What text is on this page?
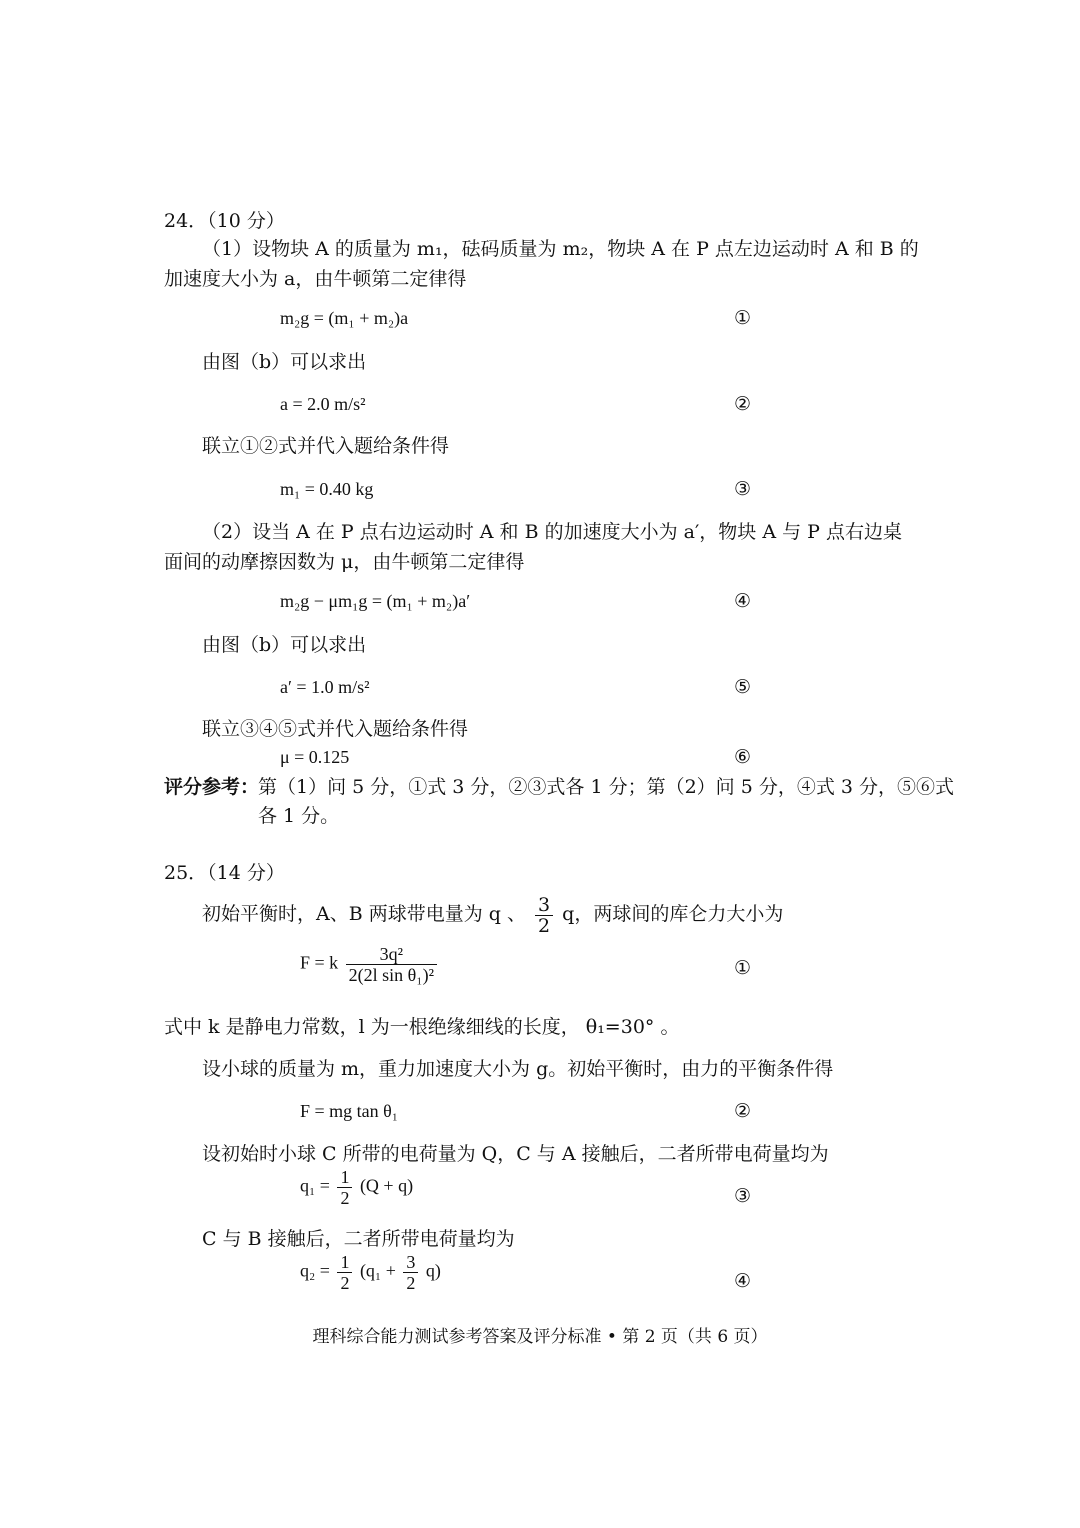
24．（10 分）
（1）设物块 A 的质量为 m₁，砝码质量为 m₂，物块 A 在 P 点左边运动时 A 和 B 的加速度大小为 a，由牛顿第二定律得
m₂g = (m₁ + m₂)a	①
由图（b）可以求出
a = 2.0 m/s²	②
联立①②式并代入题给条件得
m₁ = 0.40 kg	③
（2）设当 A 在 P 点右边运动时 A 和 B 的加速度大小为 a′，物块 A 与 P 点右边桌面间的动摩擦因数为 μ，由牛顿第二定律得
m₂g − μm₁g = (m₁ + m₂)a′	④
由图（b）可以求出
a′ = 1.0 m/s²	⑤
联立③④⑤式并代入题给条件得
μ = 0.125	⑥
评分参考：
第（1）问 5 分，①式 3 分，②③式各 1 分；第（2）问 5 分，④式 3 分，⑤⑥式
各 1 分。
25．（14 分）
初始平衡时，A、B 两球带电量为 q 、 $\frac{3}{2}$ q，两球间的库仑力大小为
F = k $\frac{\text{3q²}}{\text{2(2l sin θ₁)²}}$	①
式中 k 是静电力常数，l 为一根绝缘细线的长度， θ₁=30° 。
设小球的质量为 m，重力加速度大小为 g。初始平衡时，由力的平衡条件得
F = mg tan θ₁	②
设初始时小球 C 所带的电荷量为 Q，C 与 A 接触后，二者所带电荷量均为
$q_1 = \frac{1}{2} (Q + q)$	③
C 与 B 接触后，二者所带电荷量均为
$q_2 = \frac{1}{2} (q_1 + \frac{3}{2} q)$	④
理科综合能力测试参考答案及评分标准 • 第 2 页（共 6 页）
